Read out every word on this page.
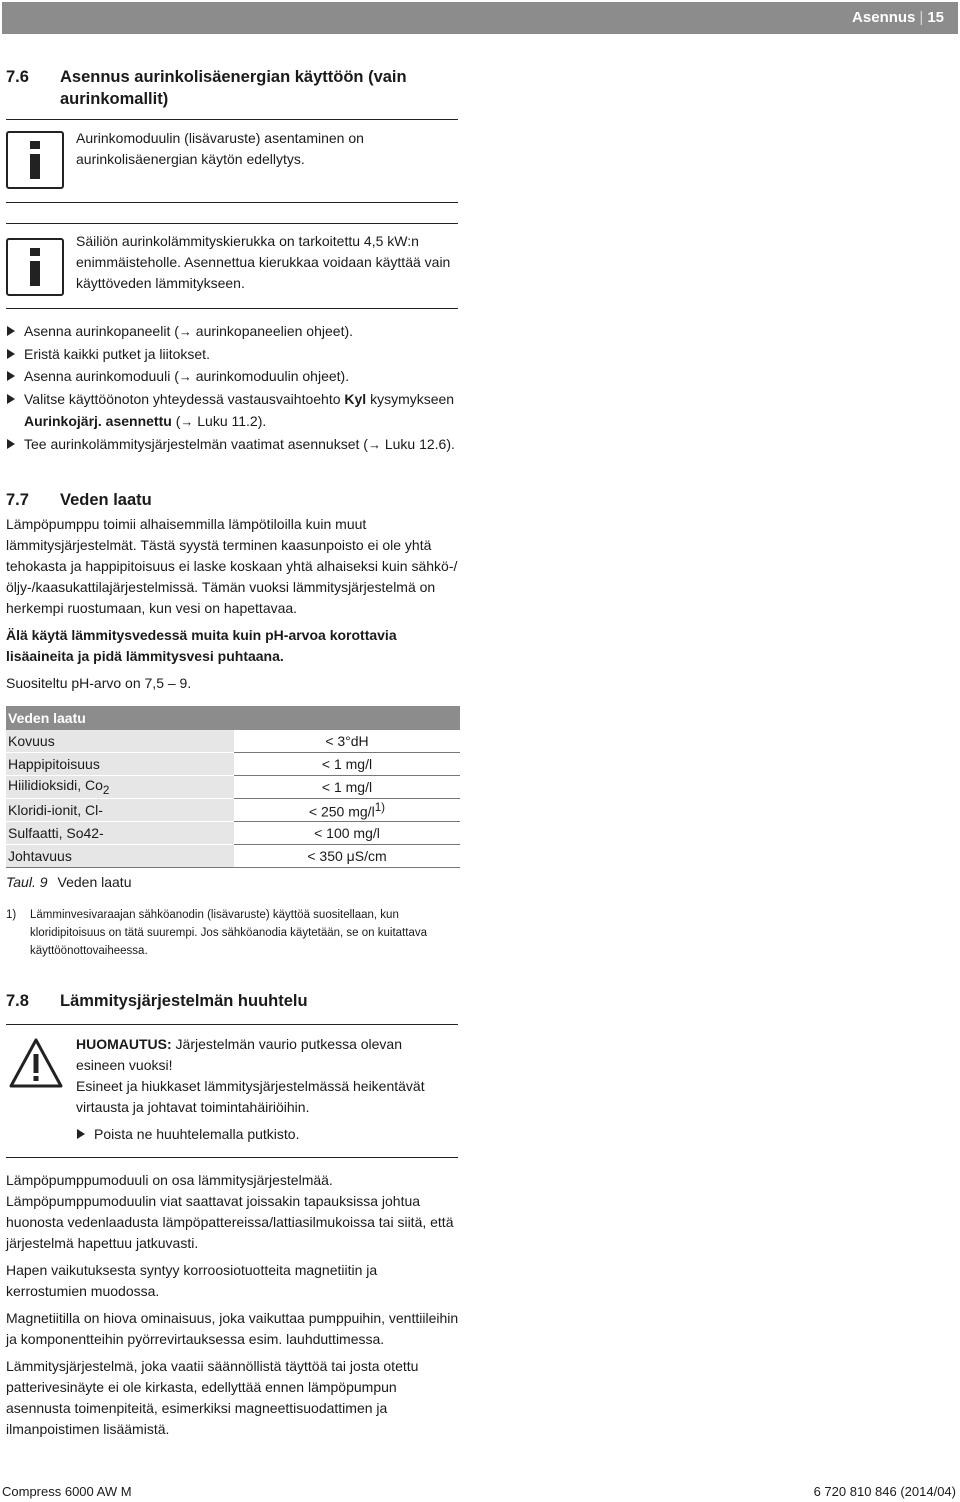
Asennus | 15
7.6	Asennus aurinkolisäenergian käyttöön (vain aurinkomallit)
Aurinkomoduulin (lisävaruste) asentaminen on aurinkolisäenergian käytön edellytys.
Säiliön aurinkolämmityskierukka on tarkoitettu 4,5 kW:n enimmäisteholle. Asennettua kierukkaa voidaan käyttää vain käyttöveden lämmitykseen.
Asenna aurinkopaneelit (→ aurinkopaneelien ohjeet).
Eristä kaikki putket ja liitokset.
Asenna aurinkomoduuli (→ aurinkomoduulin ohjeet).
Valitse käyttöönoton yhteydessä vastausvaihtoehto Kyl kysymykseen Aurinkojärj. asennettu (→ Luku 11.2).
Tee aurinkolämmitysjärjestelmän vaatimat asennukset (→ Luku 12.6).
7.7	Veden laatu

Lämpöpumppu toimii alhaisemmilla lämpötiloilla kuin muut lämmitysjärjestelmät. Tästä syystä terminen kaasunpoisto ei ole yhtä tehokasta ja happipitoisuus ei laske koskaan yhtä alhaiseksi kuin sähkö-/öljy-/kaasukattilajärjestelmissä. Tämän vuoksi lämmitysjärjestelmä on herkempi ruostumaan, kun vesi on hapettavaa.

Älä käytä lämmitysvedessä muita kuin pH-arvoa korottavia lisäaineita ja pidä lämmitysvesi puhtaana.

Suositeltu pH-arvo on 7,5 – 9.

Veden laatu	
Kovuus	< 3°dH
Happipitoisuus	< 1 mg/l
Hiilidioksidi, $Co_2$	< 1 mg/l
Kloridi-ionit, Cl-	< 250 $mg/l^{1)}$
Sulfaatti, So42-	< 100 mg/l
Johtavuus	< 350 μS/cm
Taul. 9 Veden laatu
1)	Lämminvesivaraajan sähköanodin (lisävaruste) käyttöä suositellaan, kun kloridipitoisuus on tätä suurempi. Jos sähköanodia käytetään, se on kuitattava käyttöönottovaiheessa.
7.8	Lämmitysjärjestelmän huuhtelu
HUOMAUTUS: Järjestelmän vaurio putkessa olevan esineen vuoksi!
Esineet ja hiukkaset lämmitysjärjestelmässä heikentävät virtausta ja johtavat toimintahäiriöihin.
Poista ne huuhtelemalla putkisto.

Lämpöpumppumoduuli on osa lämmitysjärjestelmää. Lämpöpumppumoduulin viat saattavat joissakin tapauksissa johtua huonosta vedenlaadusta lämpöpattereissa/lattiasilmukoissa tai siitä, että järjestelmä hapettuu jatkuvasti.

Hapen vaikutuksesta syntyy korroosiotuotteita magnetiitin ja kerrostumien muodossa.

Magnetiitilla on hiova ominaisuus, joka vaikuttaa pumppuihin, venttiileihin ja komponentteihin pyörrevirtauksessa esim. lauhduttimessa.

Lämmitysjärjestelmä, joka vaatii säännöllistä täyttöä tai josta otettu patterivesinäyte ei ole kirkasta, edellyttää ennen lämpöpumpun asennusta toimenpiteitä, esimerkiksi magneettisuodattimen ja ilmanpoistimen lisäämistä.

Compress 6000 AW M	6 720 810 846 (2014/04)
